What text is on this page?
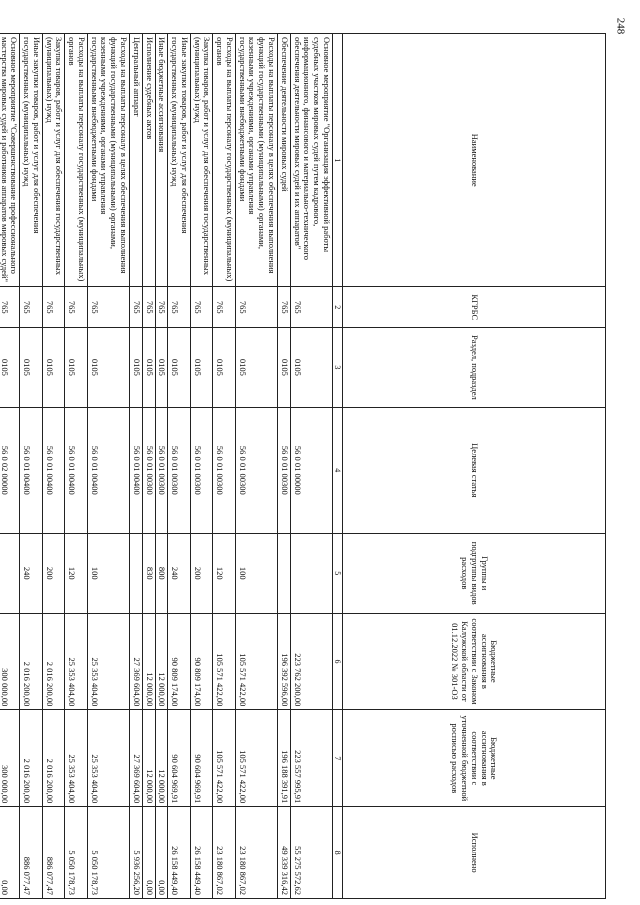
248
Наименование	КГРБС	Раздел, подраздел	Целевая статья	Группы и подгруппы видов расходов	Бюджетные ассигнования в соответствии с Законом Калужской области от 01.12.2022 № 301-ОЗ	Бюджетные ассигнования в соответствии с уточненной бюджетной росписью расходов	Исполнено
1	2	3	4	5	6	7	8
Основное мероприятие "Организация эффективной работы судебных участков мировых судей путем кадрового, информационного, финансового и материально-технического обеспечения деятельности мировых судей и их аппаратов"	765	0105	56 0 01 00000		223 762 200,00	223 557 995,91	55 275 572,62
Обеспечение деятельности мировых судей	765	0105	56 0 01 00300		196 392 596,00	196 188 391,91	49 339 316,42
Расходы на выплаты персоналу в целях обеспечения выполнения функций государственными (муниципальными) органами, казенными учреждениями, органами управления государственными внебюджетными фондами	765	0105	56 0 01 00300	100	105 571 422,00	105 571 422,00	23 180 867,02
Расходы на выплаты персоналу государственных (муниципальных) органов	765	0105	56 0 01 00300	120	105 571 422,00	105 571 422,00	23 180 867,02
Закупка товаров, работ и услуг для обеспечения государственных (муниципальных) нужд	765	0105	56 0 01 00300	200	90 809 174,00	90 604 969,91	26 158 449,40
Иные закупки товаров, работ и услуг для обеспечения государственных (муниципальных) нужд	765	0105	56 0 01 00300	240	90 809 174,00	90 604 969,91	26 158 449,40
Иные бюджетные ассигнования	765	0105	56 0 01 00300	800	12 000,00	12 000,00	0,00
Исполнение судебных актов	765	0105	56 0 01 00300	830	12 000,00	12 000,00	0,00
Центральный аппарат	765	0105	56 0 01 00400		27 369 604,00	27 369 604,00	5 936 256,20
Расходы на выплаты персоналу в целях обеспечения выполнения функций государственными (муниципальными) органами, казенными учреждениями, органами управления государственными внебюджетными фондами	765	0105	56 0 01 00400	100	25 353 404,00	25 353 404,00	5 050 178,73
Расходы на выплаты персоналу государственных (муниципальных) органов	765	0105	56 0 01 00400	120	25 353 404,00	25 353 404,00	5 050 178,73
Закупка товаров, работ и услуг для обеспечения государственных (муниципальных) нужд	765	0105	56 0 01 00400	200	2 016 200,00	2 016 200,00	886 077,47
Иные закупки товаров, работ и услуг для обеспечения государственных (муниципальных) нужд	765	0105	56 0 01 00400	240	2 016 200,00	2 016 200,00	886 077,47
Основное мероприятие "Совершенствование профессионального мастерства мировых судей и работников аппаратов мировых судей"	765	0105	56 0 02 00000		300 000,00	300 000,00	0,00
